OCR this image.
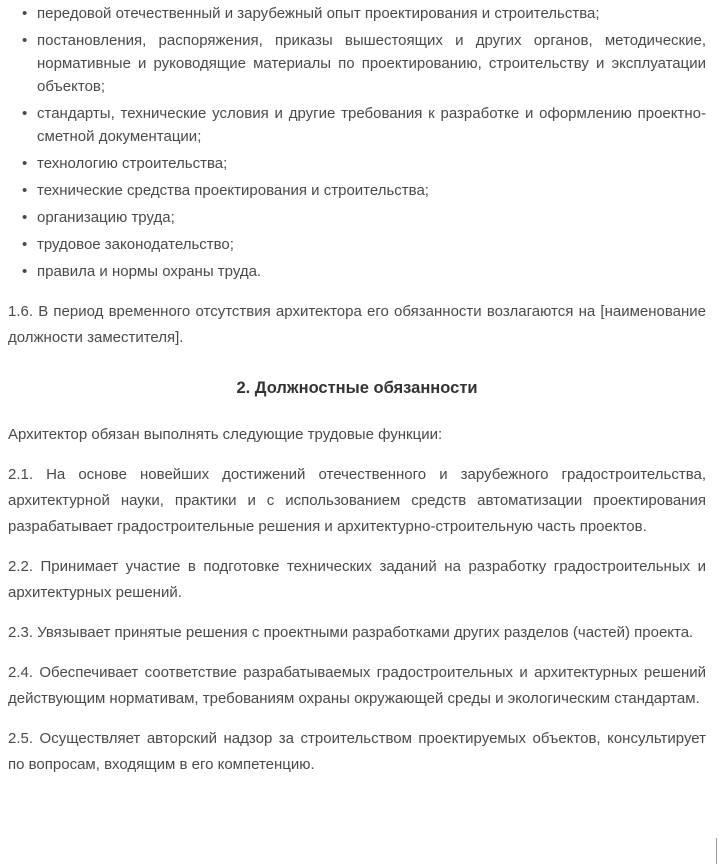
• передовой отечественный и зарубежный опыт проектирования и строительства;
• постановления, распоряжения, приказы вышестоящих и других органов, методические, нормативные и руководящие материалы по проектированию, строительству и эксплуатации объектов;
• стандарты, технические условия и другие требования к разработке и оформлению проектно-сметной документации;
• технологию строительства;
• технические средства проектирования и строительства;
• организацию труда;
• трудовое законодательство;
• правила и нормы охраны труда.

1.6. В период временного отсутствия архитектора его обязанности возлагаются на [наименование должности заместителя].

2. Должностные обязанности

Архитектор обязан выполнять следующие трудовые функции:

2.1. На основе новейших достижений отечественного и зарубежного градостроительства, архитектурной науки, практики и с использованием средств автоматизации проектирования разрабатывает градостроительные решения и архитектурно-строительную часть проектов.

2.2. Принимает участие в подготовке технических заданий на разработку градостроительных и архитектурных решений.

2.3. Увязывает принятые решения с проектными разработками других разделов (частей) проекта.

2.4. Обеспечивает соответствие разрабатываемых градостроительных и архитектурных решений действующим нормативам, требованиям охраны окружающей среды и экологическим стандартам.

2.5. Осуществляет авторский надзор за строительством проектируемых объектов, консультирует по вопросам, входящим в его компетенцию.
